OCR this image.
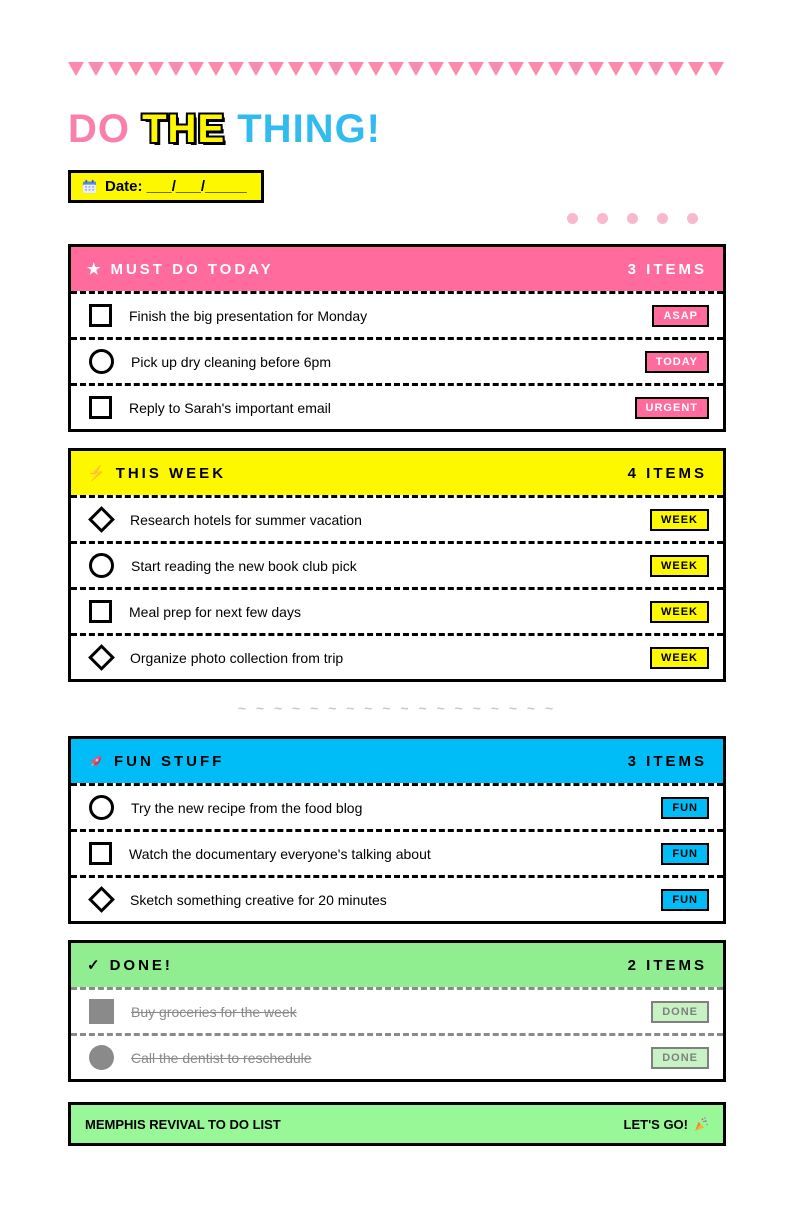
DO THE THING!
Date: ___/___/_____
★ MUST DO TODAY	3 ITEMS
Finish the big presentation for Monday	ASAP
Pick up dry cleaning before 6pm	TODAY
Reply to Sarah's important email	URGENT
⚡ THIS WEEK	4 ITEMS
Research hotels for summer vacation	WEEK
Start reading the new book club pick	WEEK
Meal prep for next few days	WEEK
Organize photo collection from trip	WEEK
~ ~ ~ ~ ~ ~ ~ ~ ~ ~ ~ ~ ~ ~ ~ ~ ~ ~
FUN STUFF	3 ITEMS
Try the new recipe from the food blog	FUN
Watch the documentary everyone's talking about	FUN
Sketch something creative for 20 minutes	FUN
✓ DONE!	2 ITEMS
Buy groceries for the week	DONE
Call the dentist to reschedule	DONE
MEMPHIS REVIVAL TO DO LIST	LET'S GO!
